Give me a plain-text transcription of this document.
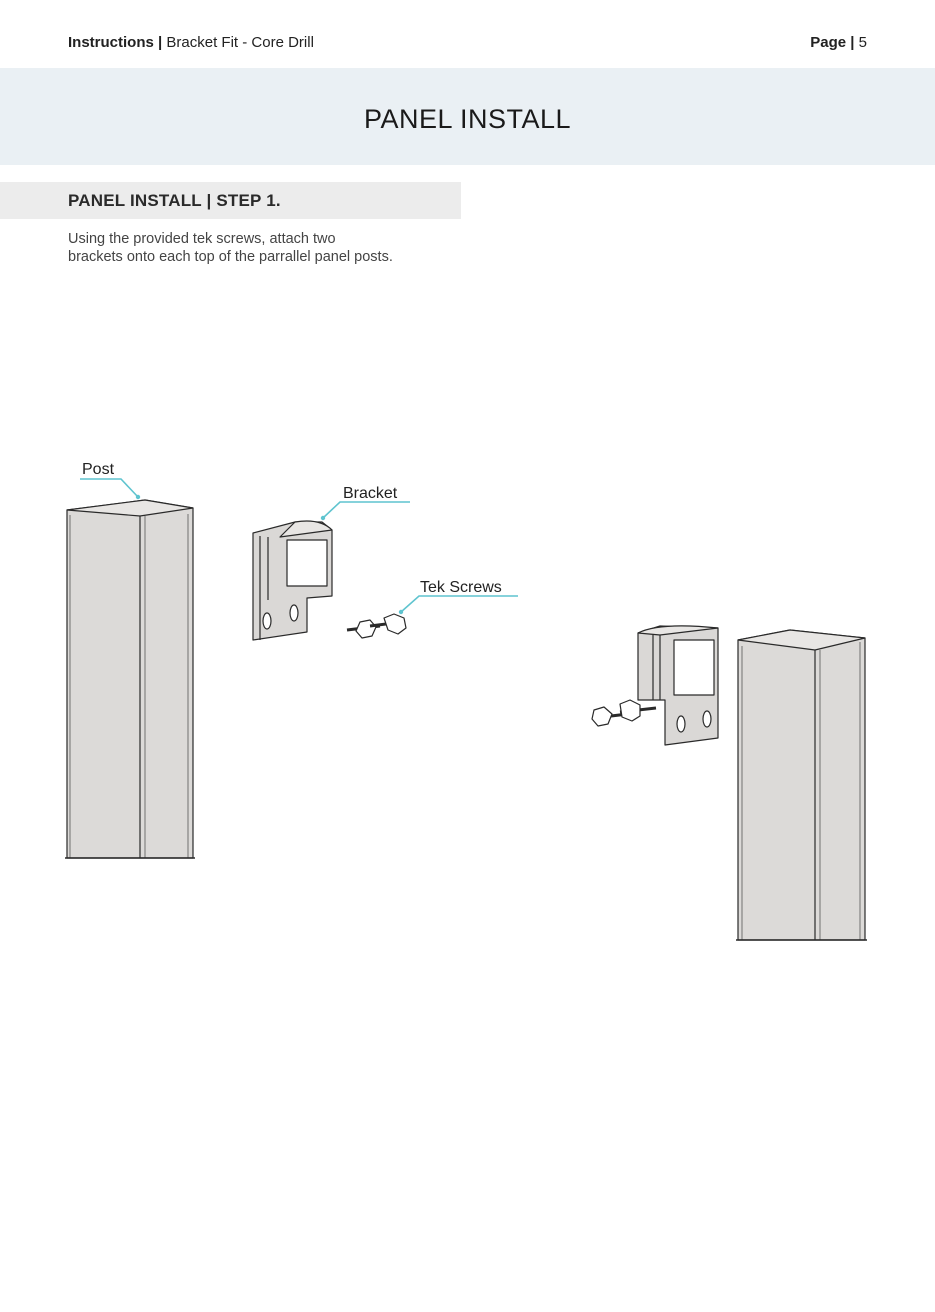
Instructions | Bracket Fit - Core Drill	Page | 5
PANEL INSTALL
PANEL INSTALL | STEP 1.

Using the provided tek screws, attach two

brackets onto each top of the parrallel panel posts.

Post
Bracket
Tek Screws
